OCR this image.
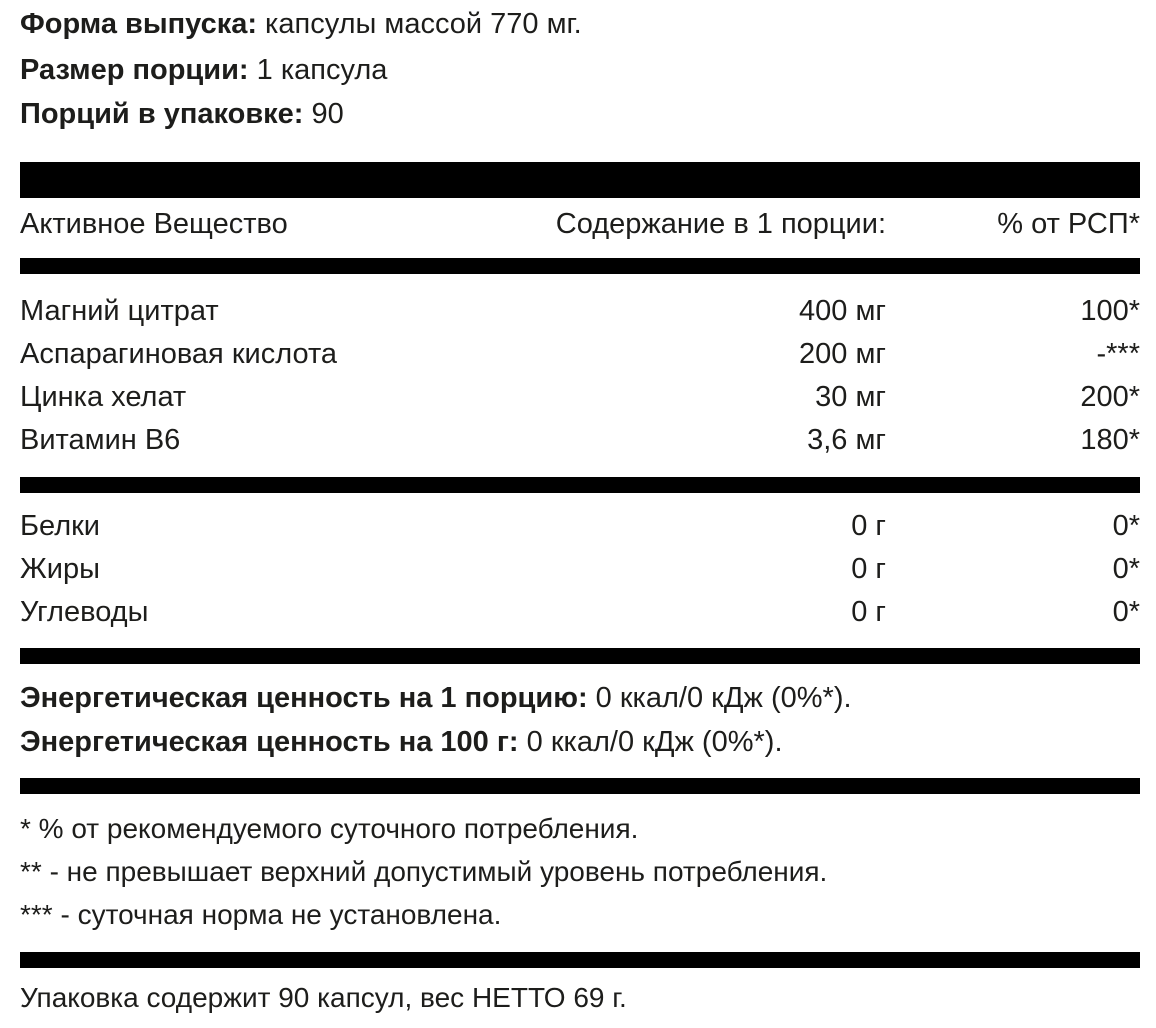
Форма выпуска: капсулы массой 770 мг.
Размер порции: 1 капсула
Порций в упаковке: 90
Активное Вещество	Содержание в 1 порции:	% от РСП*
Магний цитрат	400 мг	100*
Аспарагиновая кислота	200 мг	-***
Цинка хелат	30 мг	200*
Витамин В6	3,6 мг	180*
Белки	0 г	0*
Жиры	0 г	0*
Углеводы	0 г	0*
Энергетическая ценность на 1 порцию: 0 ккал/0 кДж (0%*).
Энергетическая ценность на 100 г: 0 ккал/0 кДж (0%*).
* % от рекомендуемого суточного потребления.
** - не превышает верхний допустимый уровень потребления.
*** - суточная норма не установлена.
Упаковка содержит 90 капсул, вес НЕТТО 69 г.
